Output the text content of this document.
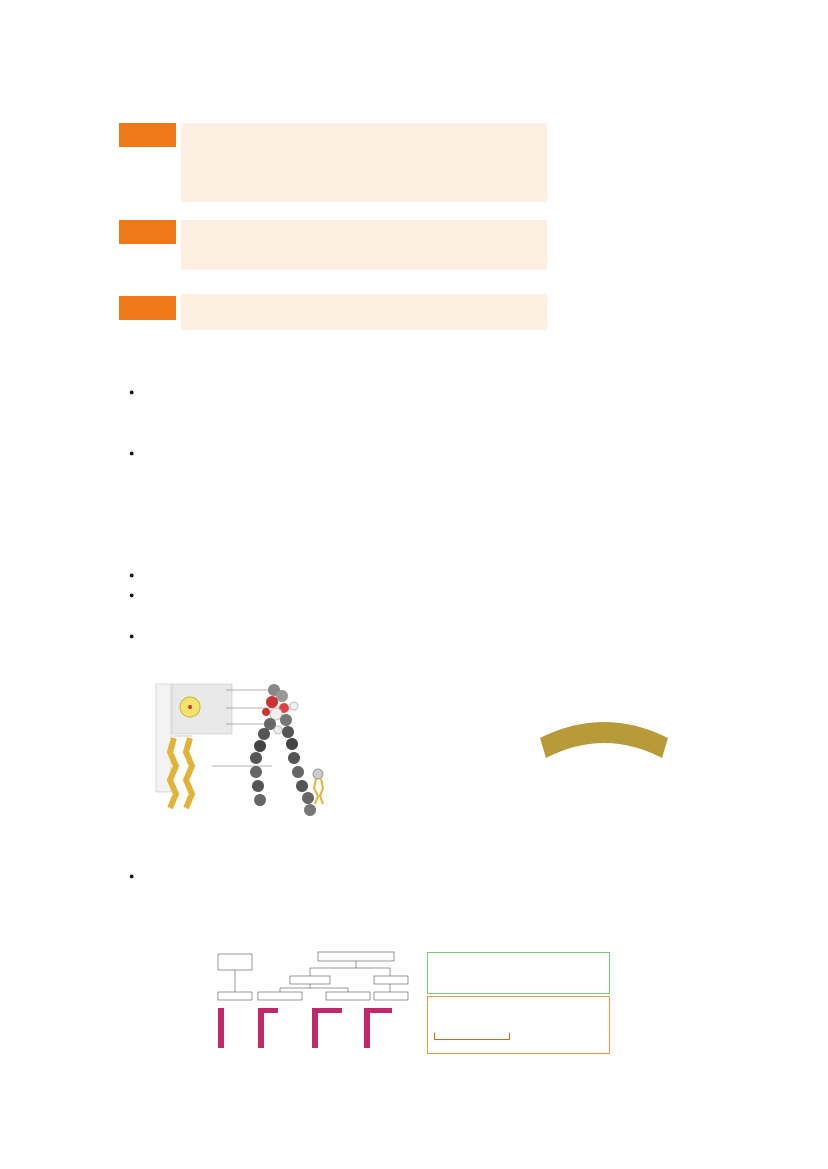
●

●

●
●

●

●
